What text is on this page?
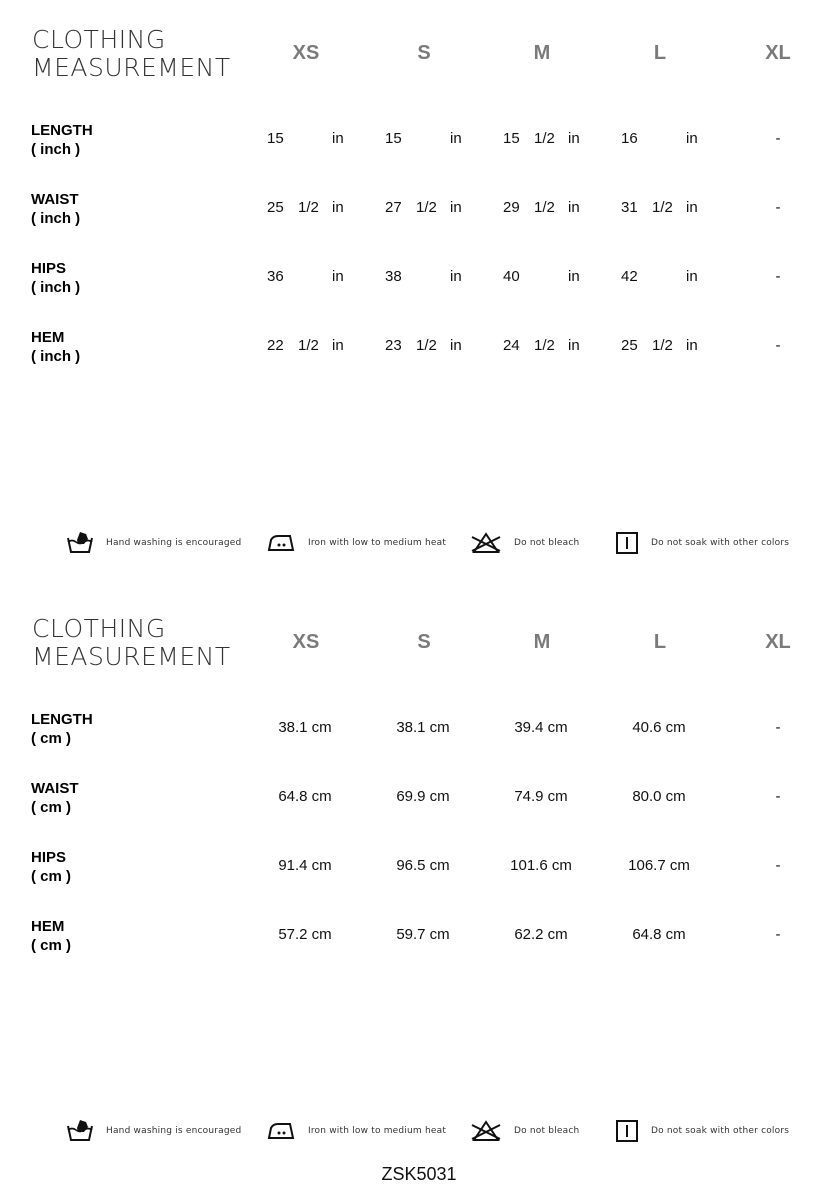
CLOTHING
MEASUREMENT	XS	S	M	L	XL
LENGTH
( inch )
15	in	15	in	15 1/2 in	16	in	-
WAIST
( inch )
25 1/2 in	27 1/2 in	29 1/2 in	31 1/2 in	-
HIPS
( inch )
36	in	38	in	40	in	42	in	-
HEM
( inch )
22 1/2 in	23 1/2 in	24 1/2 in	25 1/2 in	-
Hand washing is encouraged	Iron with low to medium heat	Do not bleach	Do not soak with other colors
CLOTHING
MEASUREMENT	XS	S	M	L	XL
LENGTH
( cm )
38.1 cm	38.1 cm	39.4 cm	40.6 cm	-
WAIST
( cm )
64.8 cm	69.9 cm	74.9 cm	80.0 cm	-
HIPS
( cm )
91.4 cm	96.5 cm	101.6 cm	106.7 cm	-
HEM
( cm )
57.2 cm	59.7 cm	62.2 cm	64.8 cm	-
Hand washing is encouraged	Iron with low to medium heat	Do not bleach	Do not soak with other colors
ZSK5031
